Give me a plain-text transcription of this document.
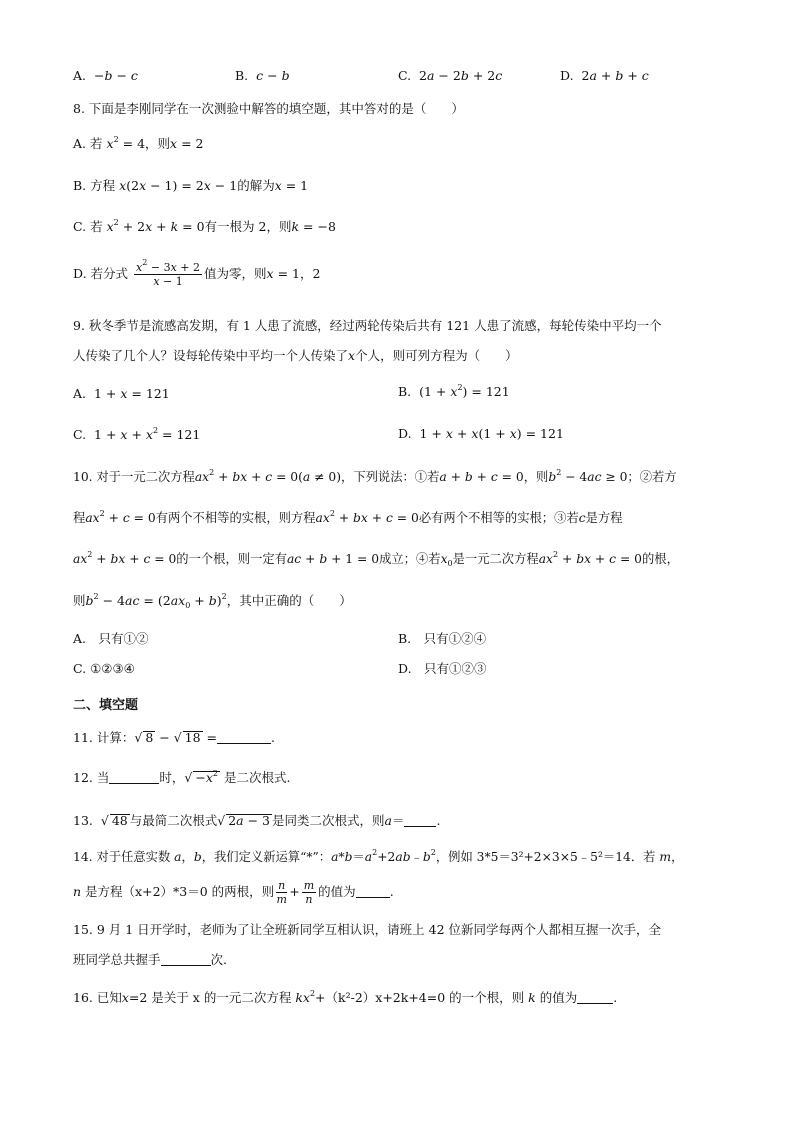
A. −b − c	B. c − b	C. 2a − 2b + 2c	D. 2a + b + c
8. 下面是李刚同学在一次测验中解答的填空题，其中答对的是（　　）
A. 若 $x^2 = 4$，则x = 2
B. 方程 x(2x − 1) = 2x − 1的解为x = 1
C. 若 $x^2 + 2x + k = 0$有一根为 2，则k = −8
D. 若分式 $\frac{x^2 - 3x + 2}{x - 1}$ 值为零，则x = 1，2
9. 秋冬季节是流感高发期，有 1 人患了流感，经过两轮传染后共有 121 人患了流感，每轮传染中平均一个
人传染了几个人？设每轮传染中平均一个人传染了x个人，则可列方程为（　　）
A.  1 + x = 121	B.  $(1 + x^2) = 121$
C.  $1 + x + x^2 = 121$	D.  1 + x + x(1 + x) = 121
10. 对于一元二次方程$ax^2$ + bx + c = 0(a ≠ 0)，下列说法：①若a + b + c = 0，则$b^2 - 4ac \ge 0$；②若方
程$ax^2 + c = 0$有两个不相等的实根，则方程$ax^2$ + bx + c = 0必有两个不相等的实根；③若c是方程
$ax^2$ + bx + c = 0的一个根，则一定有ac + b + 1 = 0成立；④若$x_0$是一元二次方程$ax^2$ + bx + c = 0的根，
则$b^2 - 4ac = (2ax_0 + b)^2$，其中正确的（　　）
A.　只有①②	B.　只有①②④
C. ①②③④	D.　只有①②③
二、填空题
11. 计算： √ 8 − √ 18 =	.
12. 当	时， √ $-x^2$ 是二次根式.
13. √ 48 与最简二次根式 √ 2a − 3 是同类二次根式，则a＝	.
14. 对于任意实数 a，b，我们定义新运算“*”：$a*b=a^2+2ab﹣b^2$，例如 3*5＝3²+2×3×5﹣5²＝14．若 m，
n 是方程（x+2）*3＝0 的两根，则 $\frac{n}{m} + \frac{m}{n}$ 的值为	.
15. 9 月 1 日开学时，老师为了让全班新同学互相认识，请班上 42 位新同学每两个人都相互握一次手，全
班同学总共握手	次.
16. 已知x=2 是关于 x 的一元二次方程 $kx^2+(k^2-2)x+2k+4=0$ 的一个根，则 k 的值为	.
